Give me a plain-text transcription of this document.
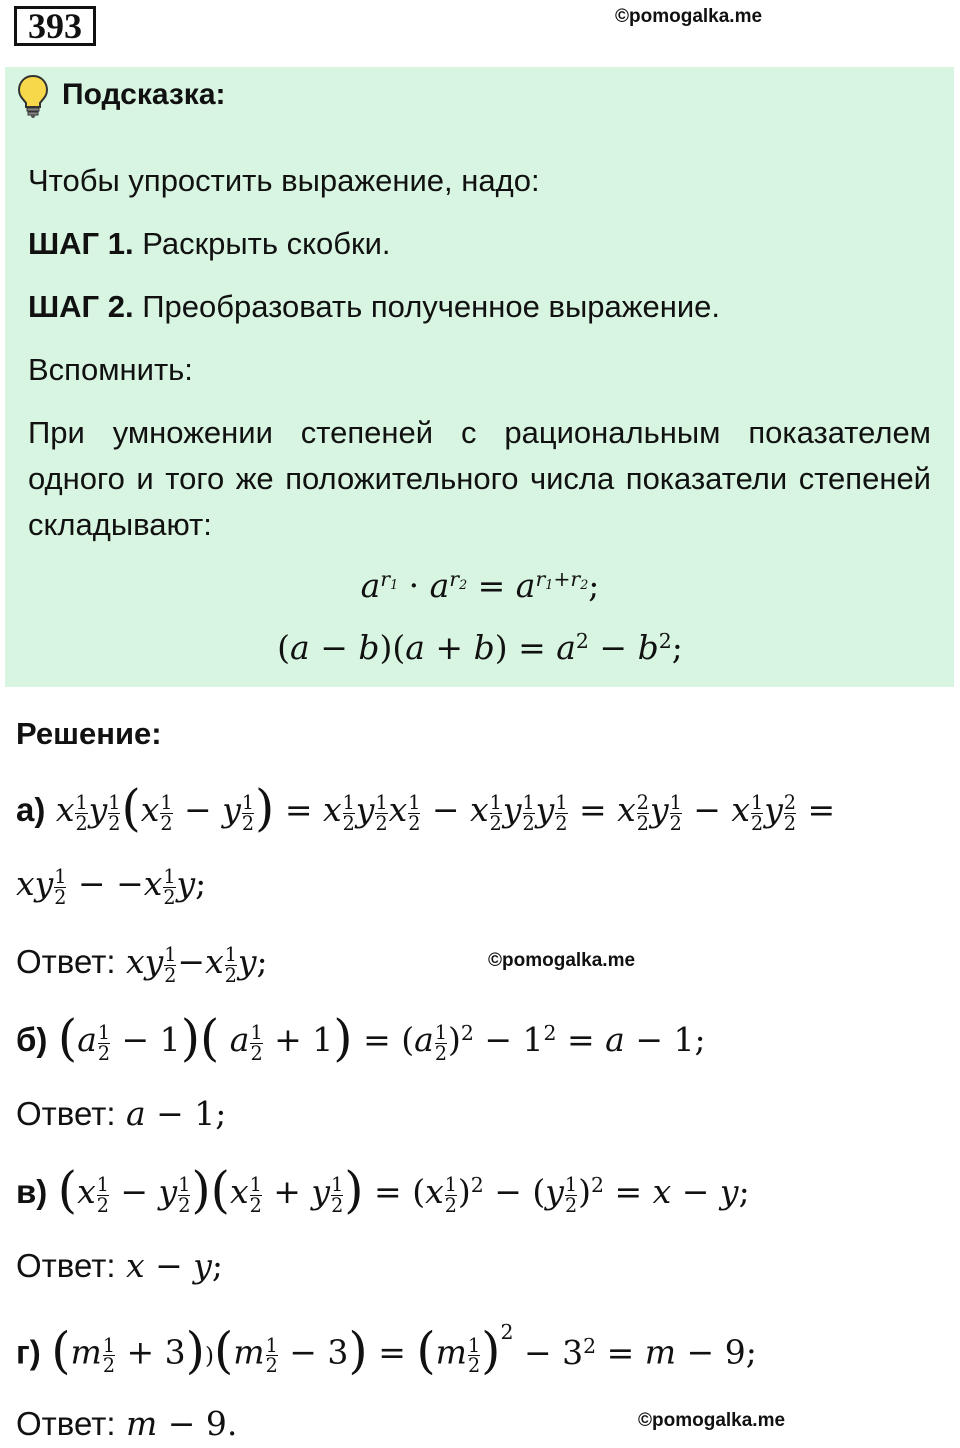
393	©pomogalka.me
Подсказка:
Чтобы упростить выражение, надо:
ШАГ 1. Раскрыть скобки.
ШАГ 2. Преобразовать полученное выражение.
Вспомнить:
При умножении степеней с рациональным показателем одного и того же положительного числа показатели степеней складывают:
$a^{r_1} \cdot a^{r_2} = a^{r_1+r_2}$;
$(a - b)(a + b) = a^2 - b^2$;
Решение:
а) x $\frac{1}{2}$ y $\frac{1}{2} (x \frac{1}{2} - y \frac{1}{2}$ ) = x $\frac{1}{2}$ y $\frac{1}{2}$ x $\frac{1}{2} - x \frac{1}{2}$ y $\frac{1}{2}$ y $\frac{1}{2} = x \frac{2}{2}$ y $\frac{1}{2} - x \frac{1}{2}$ y $\frac{2}{2}$ =
xy $\frac{1}{2} - -x \frac{1}{2} y$;
Ответ: xy $\frac{1}{2} -x \frac{1}{2} y$;	©pomogalka.me
б) $(a \frac{1}{2} - 1)$( a $\frac{1}{2} + 1) = (a \frac{1}{2} )^2 - 1^2 = a - 1$;
Ответ: a − 1;
в) $(x \frac{1}{2} - y \frac{1}{2} )(x \frac{1}{2} + y \frac{1}{2}$ ) = $(x \frac{1}{2} )^2 - (y \frac{1}{2} )^2 = x - y$;
Ответ: x − y;
г) $(m \frac{1}{2} + 3))(m \frac{1}{2} - 3) = (m \frac{1}{2} )^2 - 3^2 = m - 9$;
Ответ: m − 9.	©pomogalka.me
